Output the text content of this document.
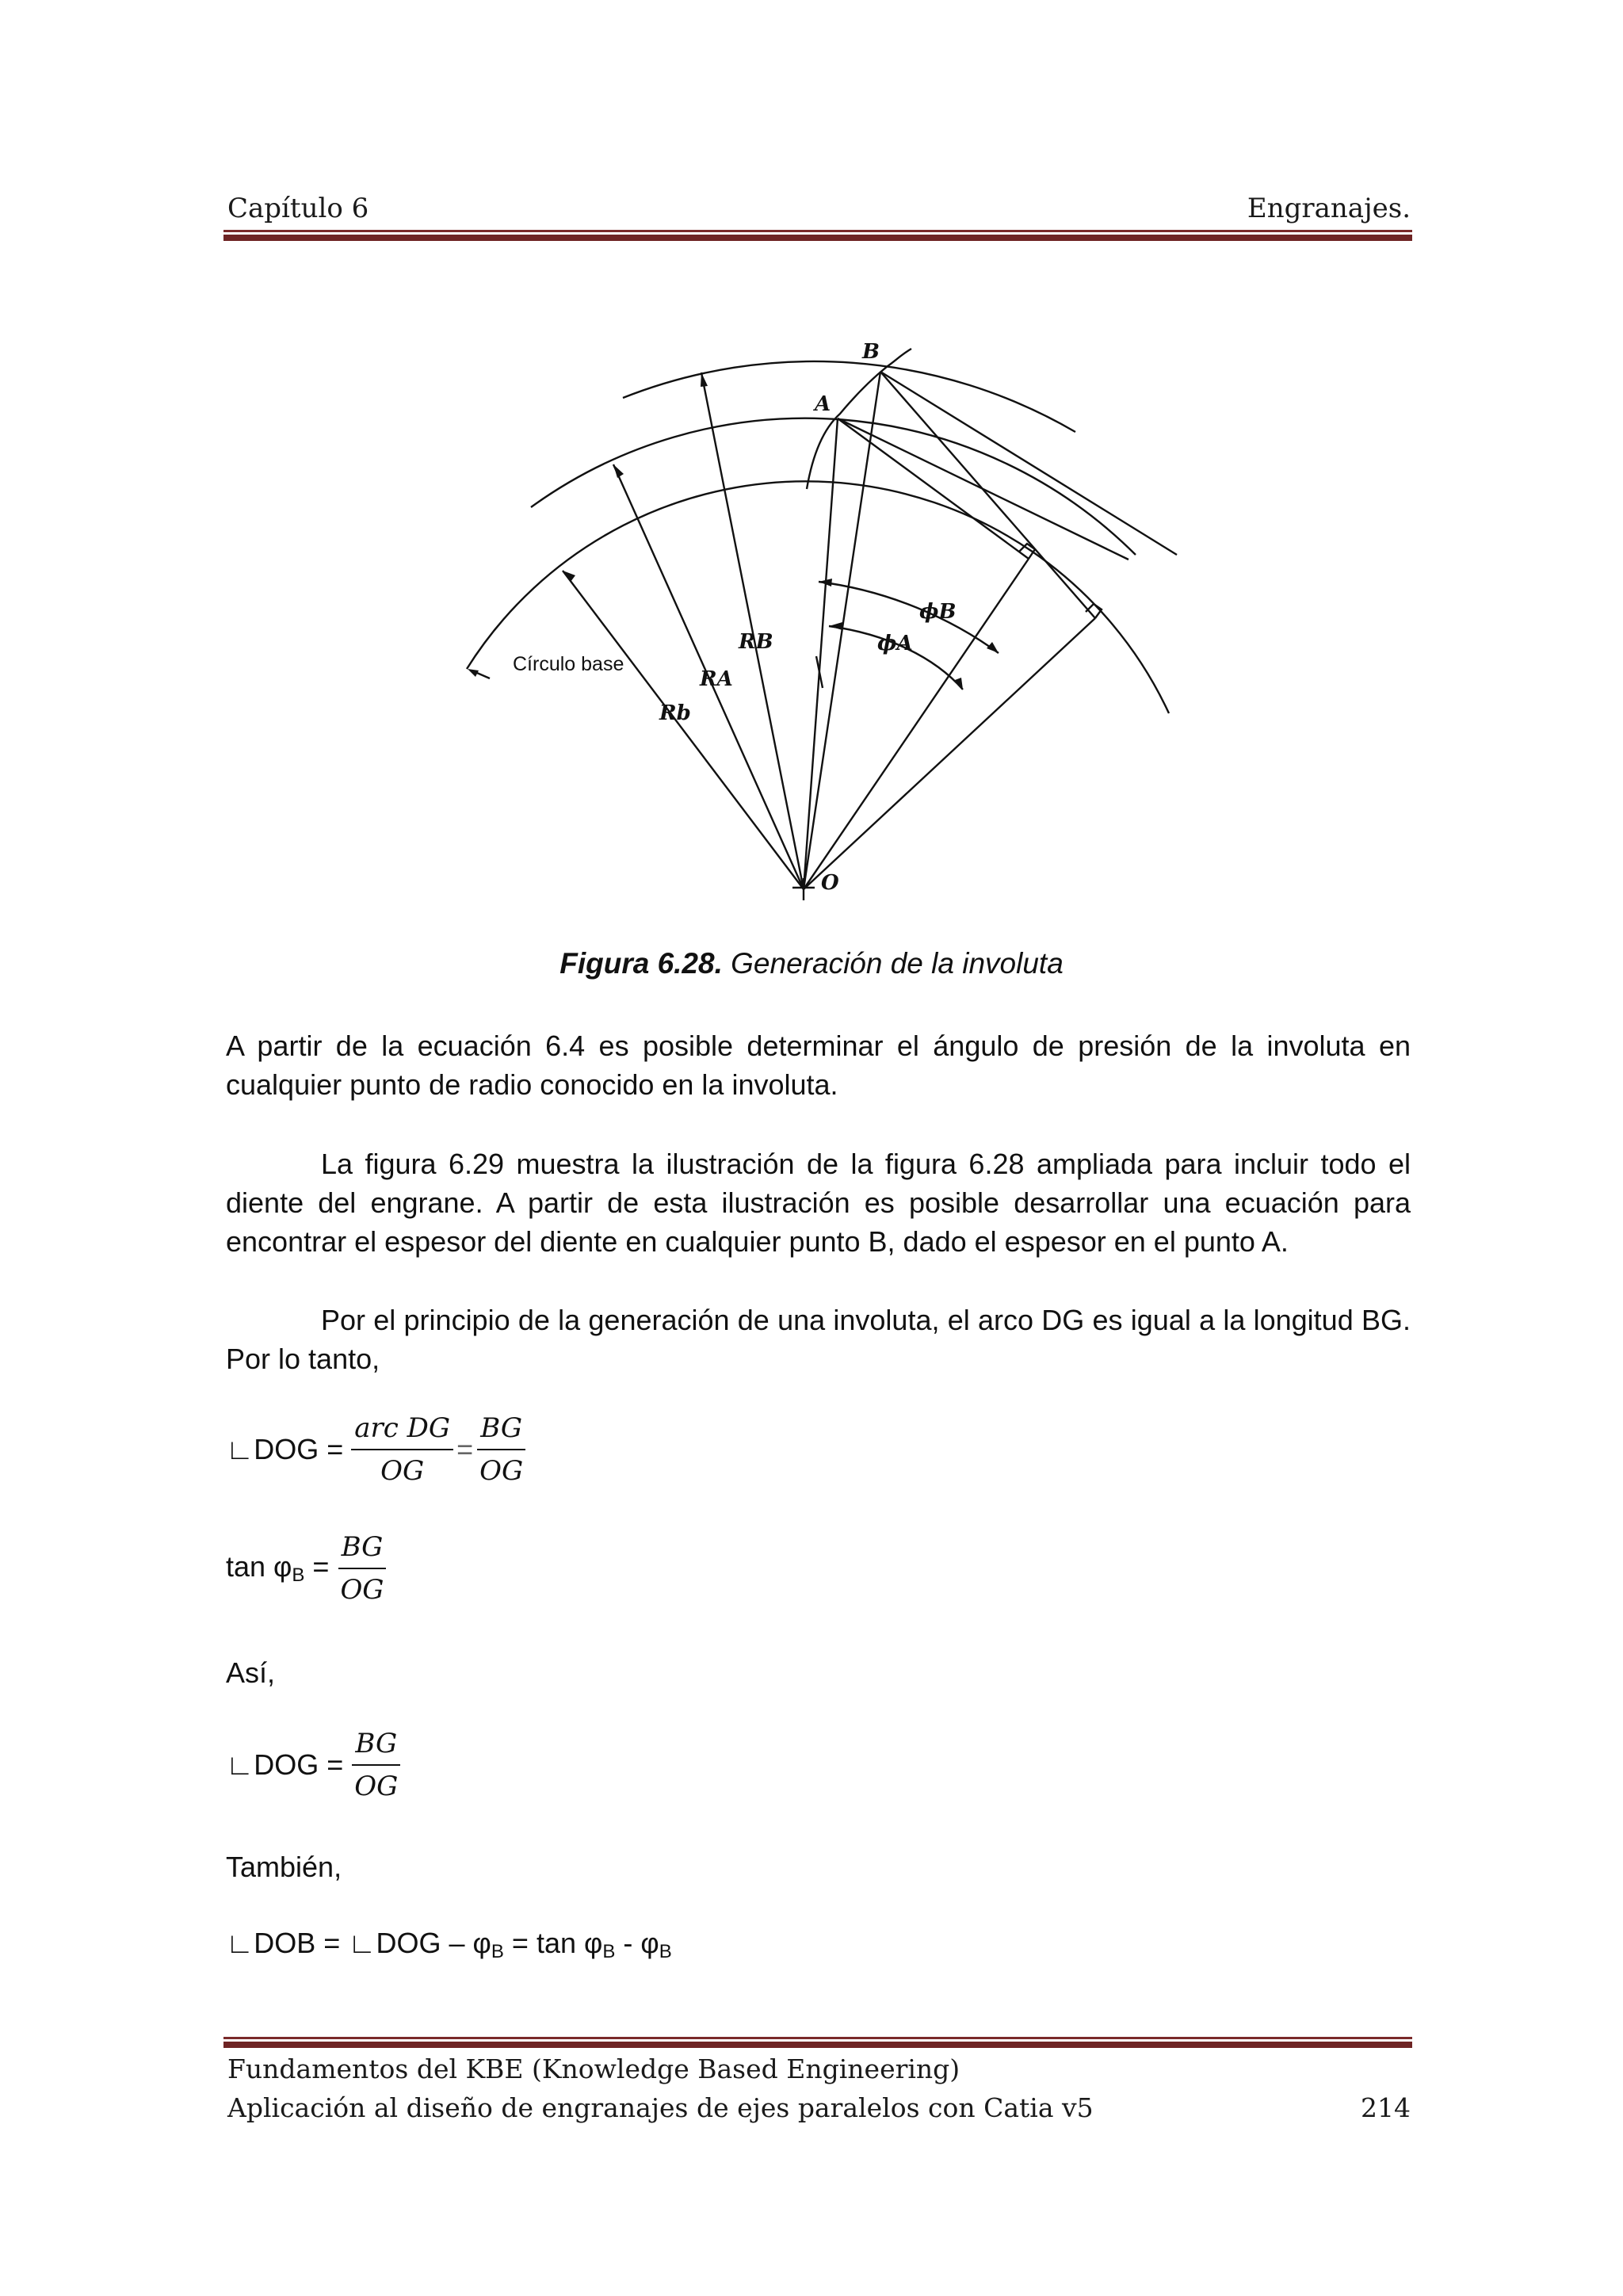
Capítulo 6	Engranajes.
B
A
ϕB
ϕA
RB
RA
Rb
O
Círculo base
Figura 6.28. Generación de la involuta
A partir de la ecuación 6.4 es posible determinar el ángulo de presión de la involuta en cualquier punto de radio conocido en la involuta.
La figura 6.29 muestra la ilustración de la figura 6.28 ampliada para incluir todo el diente del engrane. A partir de esta ilustración es posible desarrollar una ecuación para encontrar el espesor del diente en cualquier punto B, dado el espesor en el punto A.
Por el principio de la generación de una involuta, el arco DG es igual a la longitud BG. Por lo tanto,
∟DOG = $\frac{\text{arc DG}}{OG} = \frac{BG}{OG}$
$\tan \varphi_B = \frac{BG}{OG}$
Así,
∟DOG = $\frac{BG}{OG}$
También,
∟DOB = ∟DOG – $\varphi_B = \tan \varphi_B - \varphi_B$
Fundamentos del KBE (Knowledge Based Engineering)
Aplicación al diseño de engranajes de ejes paralelos con Catia v5	214
